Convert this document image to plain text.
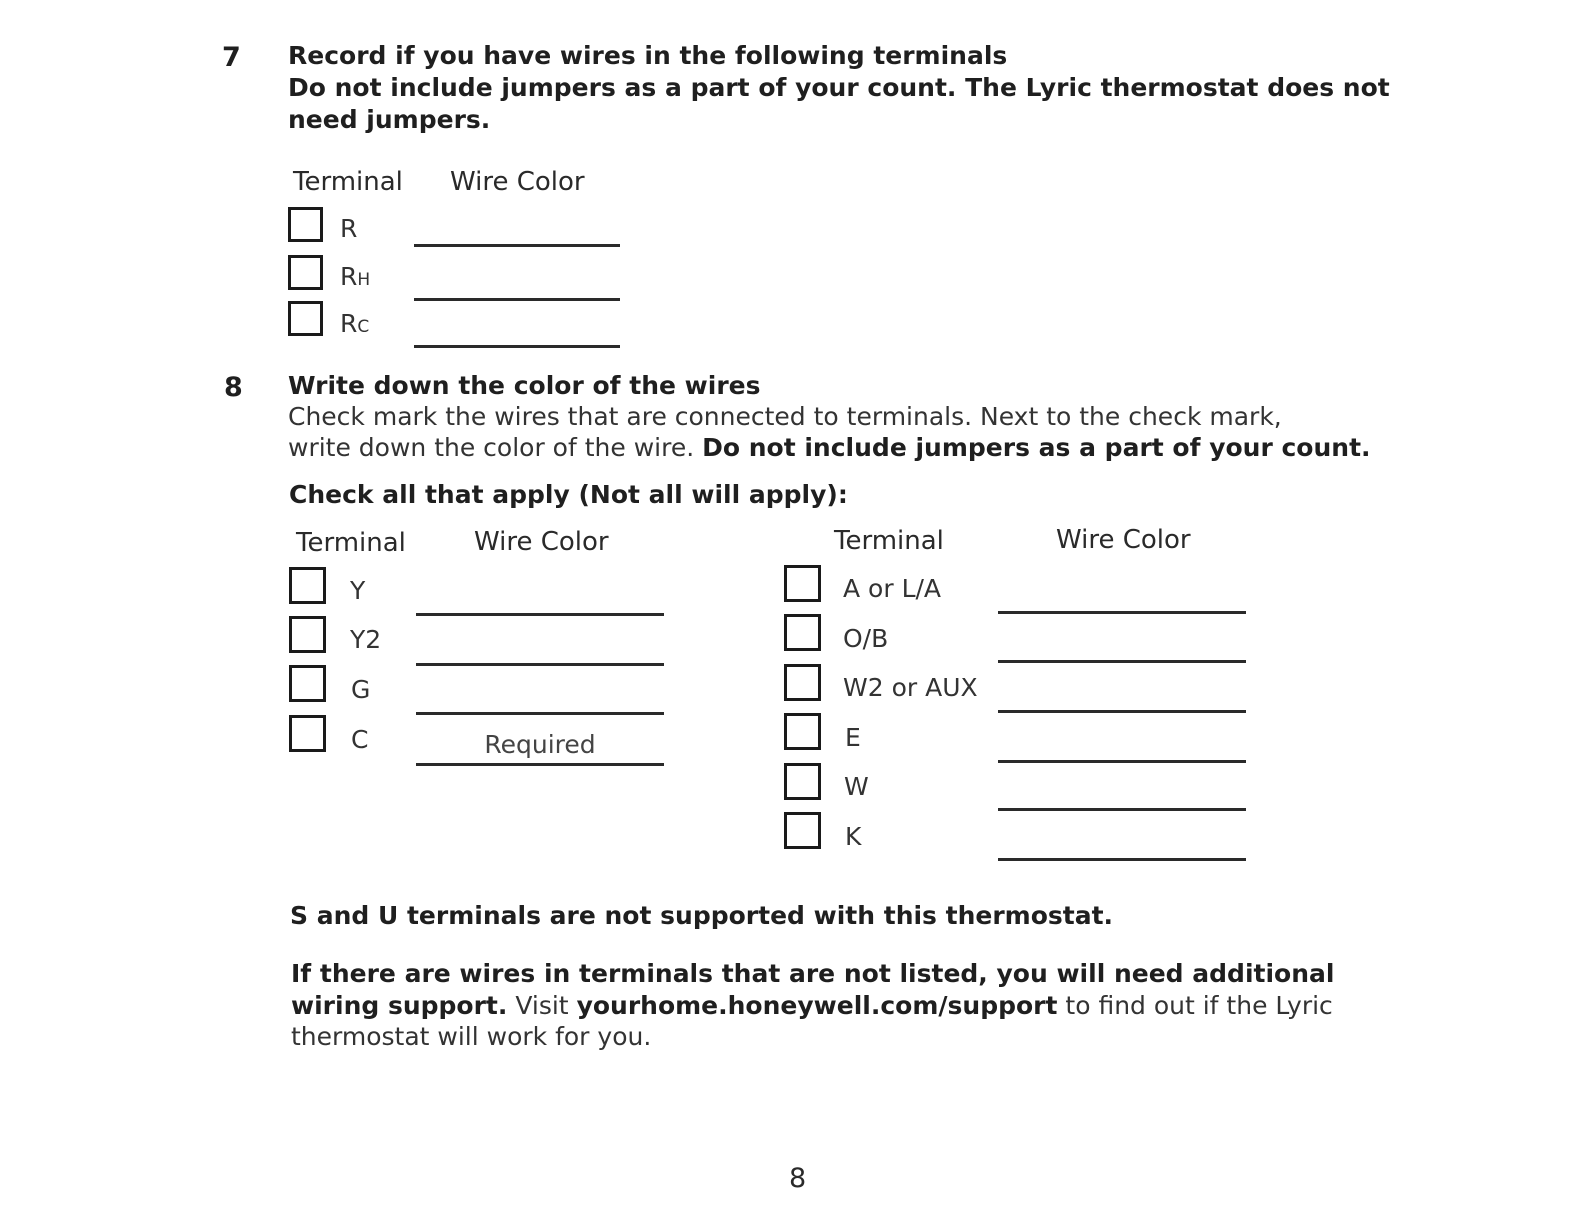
7 Record if you have wires in the following terminals
Do not include jumpers as a part of your count. The Lyric thermostat does not
need jumpers.
Terminal Wire Color
R
RH
RC
8 Write down the color of the wires
Check mark the wires that are connected to terminals. Next to the check mark,
write down the color of the wire. Do not include jumpers as a part of your count.
Check all that apply (Not all will apply):
Terminal	Wire Color
Y
Y2
G
C	Required
Terminal	Wire Color
A or L/A
O/B
W2 or AUX
E
W
K
S and U terminals are not supported with this thermostat.
If there are wires in terminals that are not listed, you will need additional
wiring support. Visit yourhome.honeywell.com/support to find out if the Lyric
thermostat will work for you.
8
